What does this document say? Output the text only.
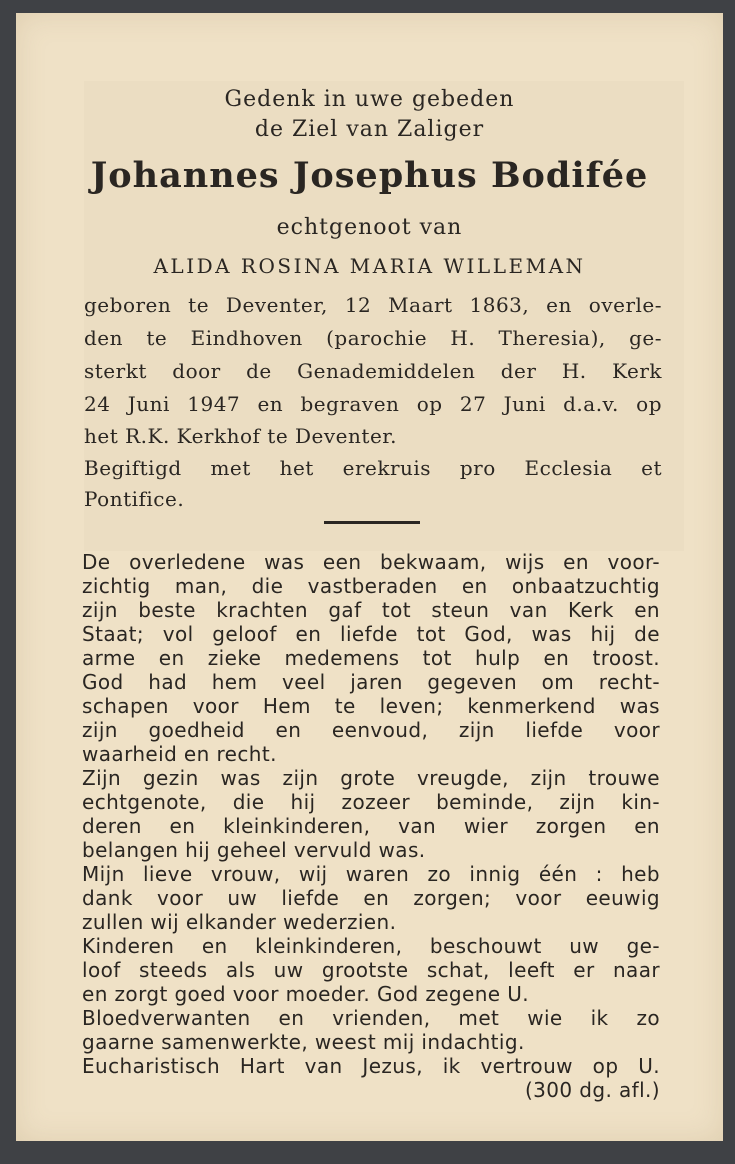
Gedenk in uwe gebeden
de Ziel van Zaliger
Johannes Josephus Bodifée
echtgenoot van
ALIDA ROSINA MARIA WILLEMAN
geboren te Deventer, 12 Maart 1863, en overle-
den te Eindhoven (parochie H. Theresia), ge-
sterkt door de Genademiddelen der H. Kerk
24 Juni 1947 en begraven op 27 Juni d.a.v. op
het R.K. Kerkhof te Deventer.
Begiftigd met het erekruis pro Ecclesia et
Pontifice.
De overledene was een bekwaam, wijs en voor-
zichtig man, die vastberaden en onbaatzuchtig
zijn beste krachten gaf tot steun van Kerk en
Staat; vol geloof en liefde tot God, was hij de
arme en zieke medemens tot hulp en troost.
God had hem veel jaren gegeven om recht-
schapen voor Hem te leven; kenmerkend was
zijn goedheid en eenvoud, zijn liefde voor
waarheid en recht.
Zijn gezin was zijn grote vreugde, zijn trouwe
echtgenote, die hij zozeer beminde, zijn kin-
deren en kleinkinderen, van wier zorgen en
belangen hij geheel vervuld was.
Mijn lieve vrouw, wij waren zo innig één : heb
dank voor uw liefde en zorgen; voor eeuwig
zullen wij elkander wederzien.
Kinderen en kleinkinderen, beschouwt uw ge-
loof steeds als uw grootste schat, leeft er naar
en zorgt goed voor moeder. God zegene U.
Bloedverwanten en vrienden, met wie ik zo
gaarne samenwerkte, weest mij indachtig.
Eucharistisch Hart van Jezus, ik vertrouw op U.
(300 dg. afl.)
